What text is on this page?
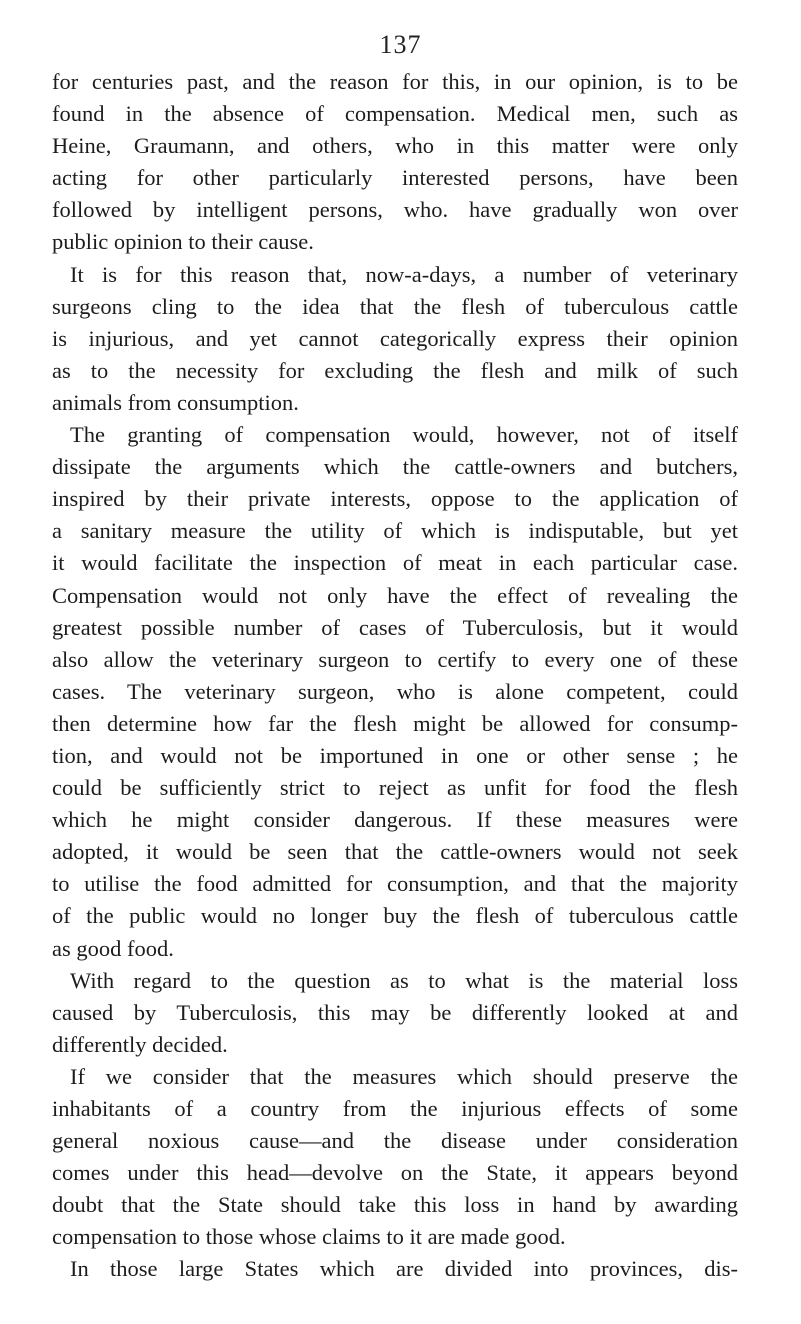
137
for centuries past, and the reason for this, in our opinion, is to be
found in the absence of compensation. Medical men, such as
Heine, Graumann, and others, who in this matter were only
acting for other particularly interested persons, have been
followed by intelligent persons, who. have gradually won over
public opinion to their cause.
It is for this reason that, now-a-days, a number of veterinary
surgeons cling to the idea that the flesh of tuberculous cattle
is injurious, and yet cannot categorically express their opinion
as to the necessity for excluding the flesh and milk of such
animals from consumption.
The granting of compensation would, however, not of itself
dissipate the arguments which the cattle-owners and butchers,
inspired by their private interests, oppose to the application of
a sanitary measure the utility of which is indisputable, but yet
it would facilitate the inspection of meat in each particular case.
Compensation would not only have the effect of revealing the
greatest possible number of cases of Tuberculosis, but it would
also allow the veterinary surgeon to certify to every one of these
cases. The veterinary surgeon, who is alone competent, could
then determine how far the flesh might be allowed for consump-
tion, and would not be importuned in one or other sense ; he
could be sufficiently strict to reject as unfit for food the flesh
which he might consider dangerous. If these measures were
adopted, it would be seen that the cattle-owners would not seek
to utilise the food admitted for consumption, and that the majority
of the public would no longer buy the flesh of tuberculous cattle
as good food.
With regard to the question as to what is the material loss
caused by Tuberculosis, this may be differently looked at and
differently decided.
If we consider that the measures which should preserve the
inhabitants of a country from the injurious effects of some
general noxious cause—and the disease under consideration
comes under this head—devolve on the State, it appears beyond
doubt that the State should take this loss in hand by awarding
compensation to those whose claims to it are made good.
In those large States which are divided into provinces, dis-
